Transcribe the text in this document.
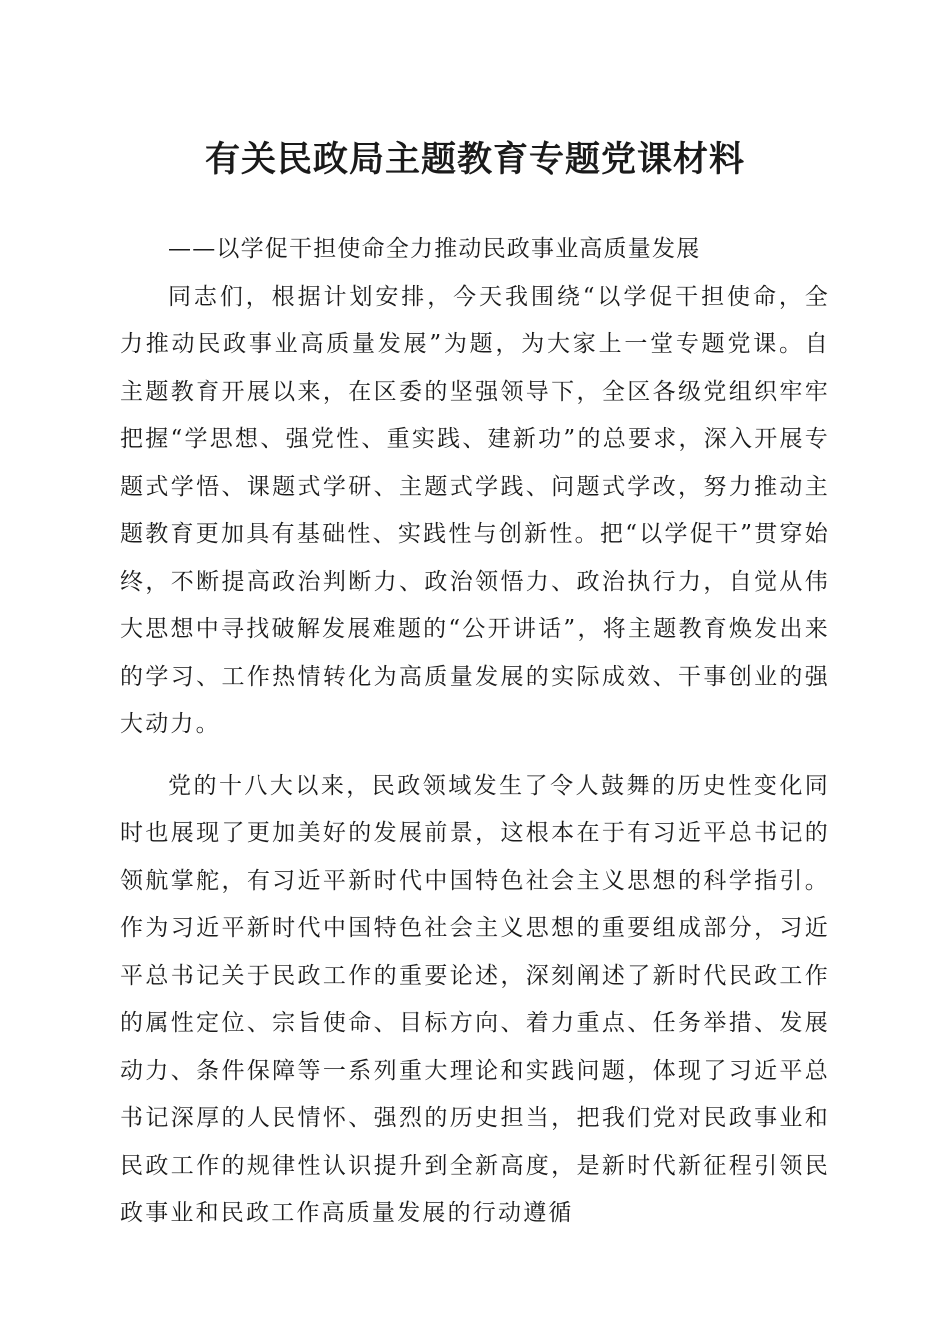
有关民政局主题教育专题党课材料

——以学促干担使命全力推动民政事业高质量发展

同志们，根据计划安排，今天我围绕“以学促干担使命，全力推动民政事业高质量发展”为题，为大家上一堂专题党课。自主题教育开展以来，在区委的坚强领导下，全区各级党组织牢牢把握“学思想、强党性、重实践、建新功”的总要求，深入开展专题式学悟、课题式学研、主题式学践、问题式学改，努力推动主题教育更加具有基础性、实践性与创新性。把“以学促干”贯穿始终，不断提高政治判断力、政治领悟力、政治执行力，自觉从伟大思想中寻找破解发展难题的“公开讲话”，将主题教育焕发出来的学习、工作热情转化为高质量发展的实际成效、干事创业的强大动力。

党的十八大以来，民政领域发生了令人鼓舞的历史性变化同时也展现了更加美好的发展前景，这根本在于有习近平总书记的领航掌舵，有习近平新时代中国特色社会主义思想的科学指引。作为习近平新时代中国特色社会主义思想的重要组成部分，习近平总书记关于民政工作的重要论述，深刻阐述了新时代民政工作的属性定位、宗旨使命、目标方向、着力重点、任务举措、发展动力、条件保障等一系列重大理论和实践问题，体现了习近平总书记深厚的人民情怀、强烈的历史担当，把我们党对民政事业和民政工作的规律性认识提升到全新高度，是新时代新征程引领民政事业和民政工作高质量发展的行动遵循
